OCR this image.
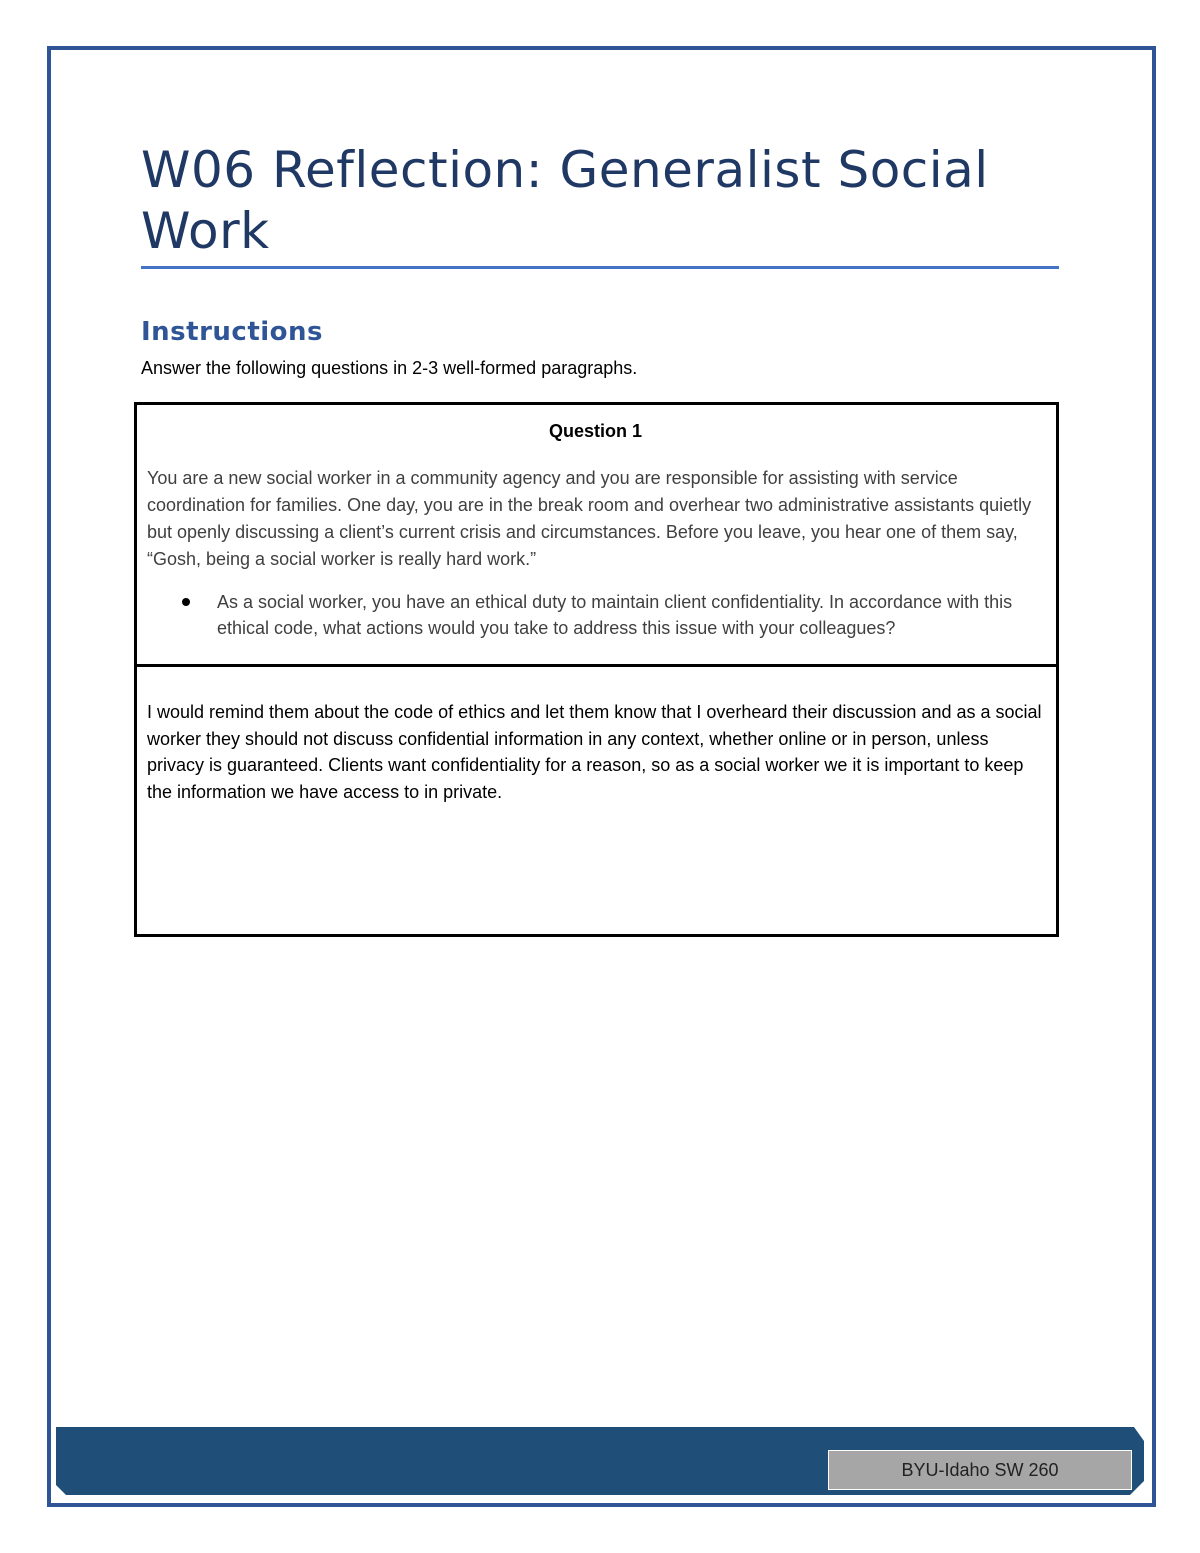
W06 Reflection: Generalist Social Work
Instructions

Answer the following questions in 2-3 well-formed paragraphs.

Question 1

You are a new social worker in a community agency and you are responsible for assisting with service coordination for families. One day, you are in the break room and overhear two administrative assistants quietly but openly discussing a client’s current crisis and circumstances. Before you leave, you hear one of them say, “Gosh, being a social worker is really hard work.”

As a social worker, you have an ethical duty to maintain client confidentiality. In accordance with this ethical code, what actions would you take to address this issue with your colleagues?

I would remind them about the code of ethics and let them know that I overheard their discussion and as a social worker they should not discuss confidential information in any context, whether online or in person, unless privacy is guaranteed. Clients want confidentiality for a reason, so as a social worker we it is important to keep the information we have access to in private.

BYU-Idaho SW 260
